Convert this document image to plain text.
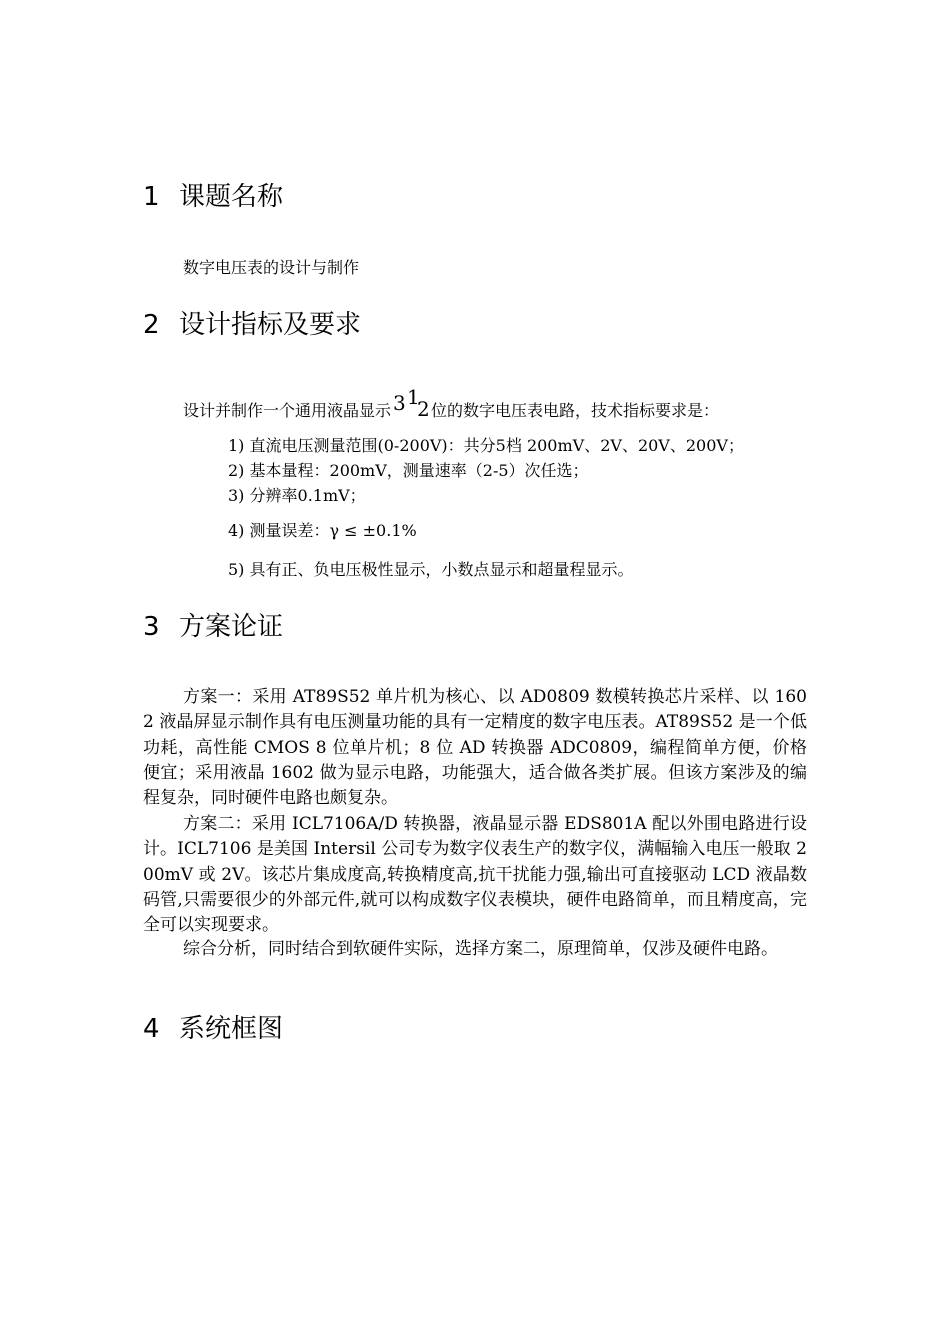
1 课题名称
数字电压表的设计与制作
2 设计指标及要求
设计并制作一个通用液晶显示 3 1
2 位的数字电压表电路，技术指标要求是：
1) 直流电压测量范围(0-200V)：共分5档 200mV、2V、20V、200V；
2) 基本量程：200mV，测量速率（2-5）次任选；
3) 分辨率0.1mV；
4) 测量误差：γ ≤ ±0.1%
5) 具有正、负电压极性显示，小数点显示和超量程显示。
3 方案论证
方案一：采用 AT89S52 单片机为核心、以 AD0809 数模转换芯片采样、以 1602 液晶屏显示制作具有电压测量功能的具有一定精度的数字电压表。AT89S52 是一个低功耗，高性能 CMOS 8 位单片机；8 位 AD 转换器 ADC0809，编程简单方便，价格便宜；采用液晶 1602 做为显示电路，功能强大，适合做各类扩展。但该方案涉及的编程复杂，同时硬件电路也颇复杂。
方案二：采用 ICL7106A/D 转换器，液晶显示器 EDS801A 配以外围电路进行设计。ICL7106 是美国 Intersil 公司专为数字仪表生产的数字仪，满幅输入电压一般取 200mV 或 2V。该芯片集成度高,转换精度高,抗干扰能力强,输出可直接驱动 LCD 液晶数码管,只需要很少的外部元件,就可以构成数字仪表模块，硬件电路简单，而且精度高，完全可以实现要求。
综合分析，同时结合到软硬件实际，选择方案二，原理简单，仅涉及硬件电路。
4 系统框图
